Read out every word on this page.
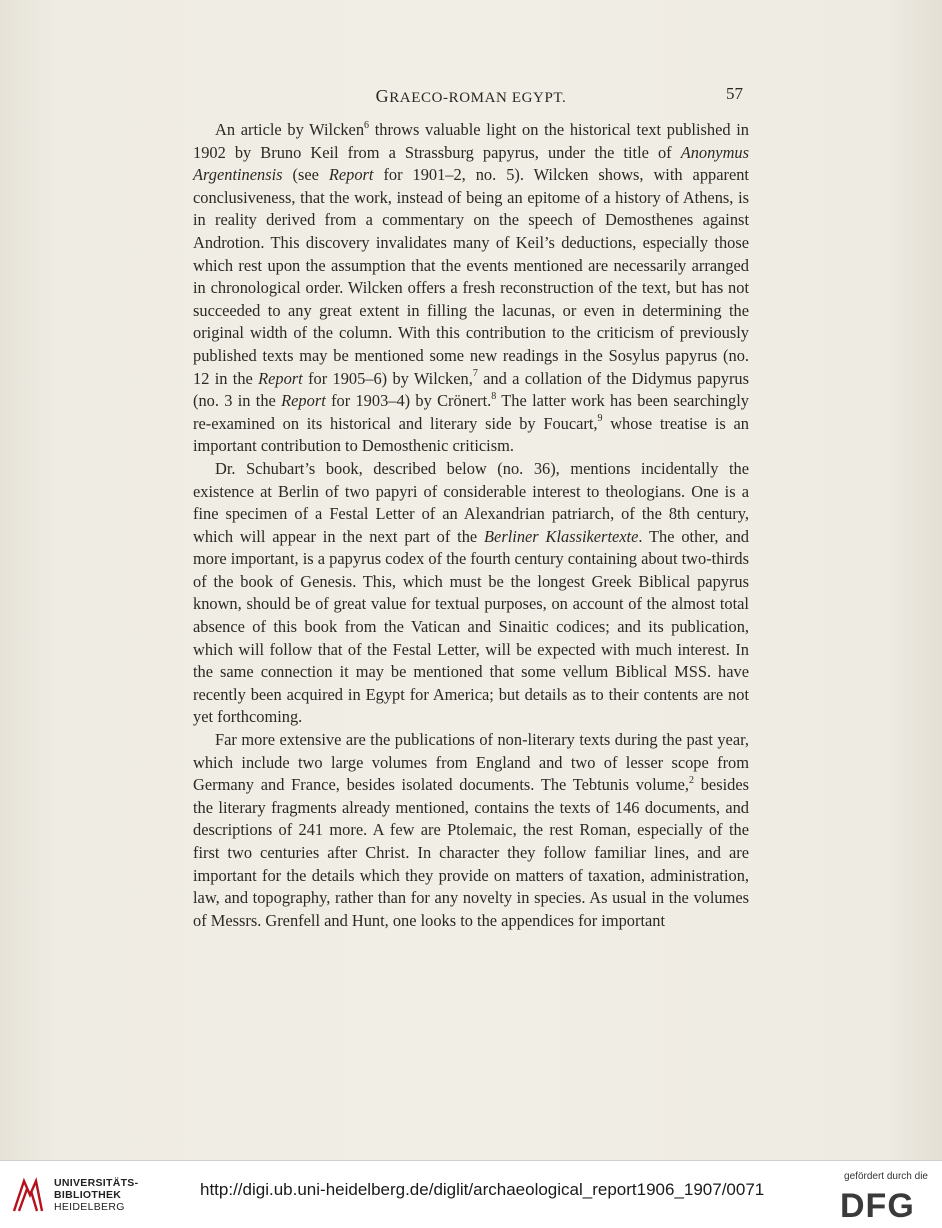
GRAECO-ROMAN EGYPT.	57

An article by Wilcken$^6$ throws valuable light on the historical text published in 1902 by Bruno Keil from a Strassburg papyrus, under the title of Anonymus Argentinensis (see Report for 1901–2, no. 5). Wilcken shows, with apparent conclusiveness, that the work, instead of being an epitome of a history of Athens, is in reality derived from a commentary on the speech of Demosthenes against Androtion. This discovery invalidates many of Keil’s deductions, especially those which rest upon the assumption that the events mentioned are necessarily arranged in chronological order. Wilcken offers a fresh reconstruction of the text, but has not succeeded to any great extent in filling the lacunas, or even in determining the original width of the column. With this contribution to the criticism of previously published texts may be mentioned some new readings in the Sosylus papyrus (no. 12 in the Report for 1905–6) by Wilcken,$^7$ and a collation of the Didymus papyrus (no. 3 in the Report for 1903–4) by Crönert.$^8$ The latter work has been searchingly re-examined on its historical and literary side by Foucart,$^9$ whose treatise is an important contribution to Demosthenic criticism.

Dr. Schubart’s book, described below (no. 36), mentions incidentally the existence at Berlin of two papyri of considerable interest to theologians. One is a fine specimen of a Festal Letter of an Alexandrian patriarch, of the 8th century, which will appear in the next part of the Berliner Klassikertexte. The other, and more important, is a papyrus codex of the fourth century containing about two-thirds of the book of Genesis. This, which must be the longest Greek Biblical papyrus known, should be of great value for textual purposes, on account of the almost total absence of this book from the Vatican and Sinaitic codices; and its publication, which will follow that of the Festal Letter, will be expected with much interest. In the same connection it may be mentioned that some vellum Biblical MSS. have recently been acquired in Egypt for America; but details as to their contents are not yet forthcoming.

Far more extensive are the publications of non-literary texts during the past year, which include two large volumes from England and two of lesser scope from Germany and France, besides isolated documents. The Tebtunis volume,$^2$ besides the literary fragments already mentioned, contains the texts of 146 documents, and descriptions of 241 more. A few are Ptolemaic, the rest Roman, especially of the first two centuries after Christ. In character they follow familiar lines, and are important for the details which they provide on matters of taxation, administration, law, and topography, rather than for any novelty in species. As usual in the volumes of Messrs. Grenfell and Hunt, one looks to the appendices for important

UNIVERSITÄTS-
BIBLIOTHEK
HEIDELBERG
http://digi.ub.uni-heidelberg.de/diglit/archaeological_report1906_1907/0071
gefördert durch die
DFG
